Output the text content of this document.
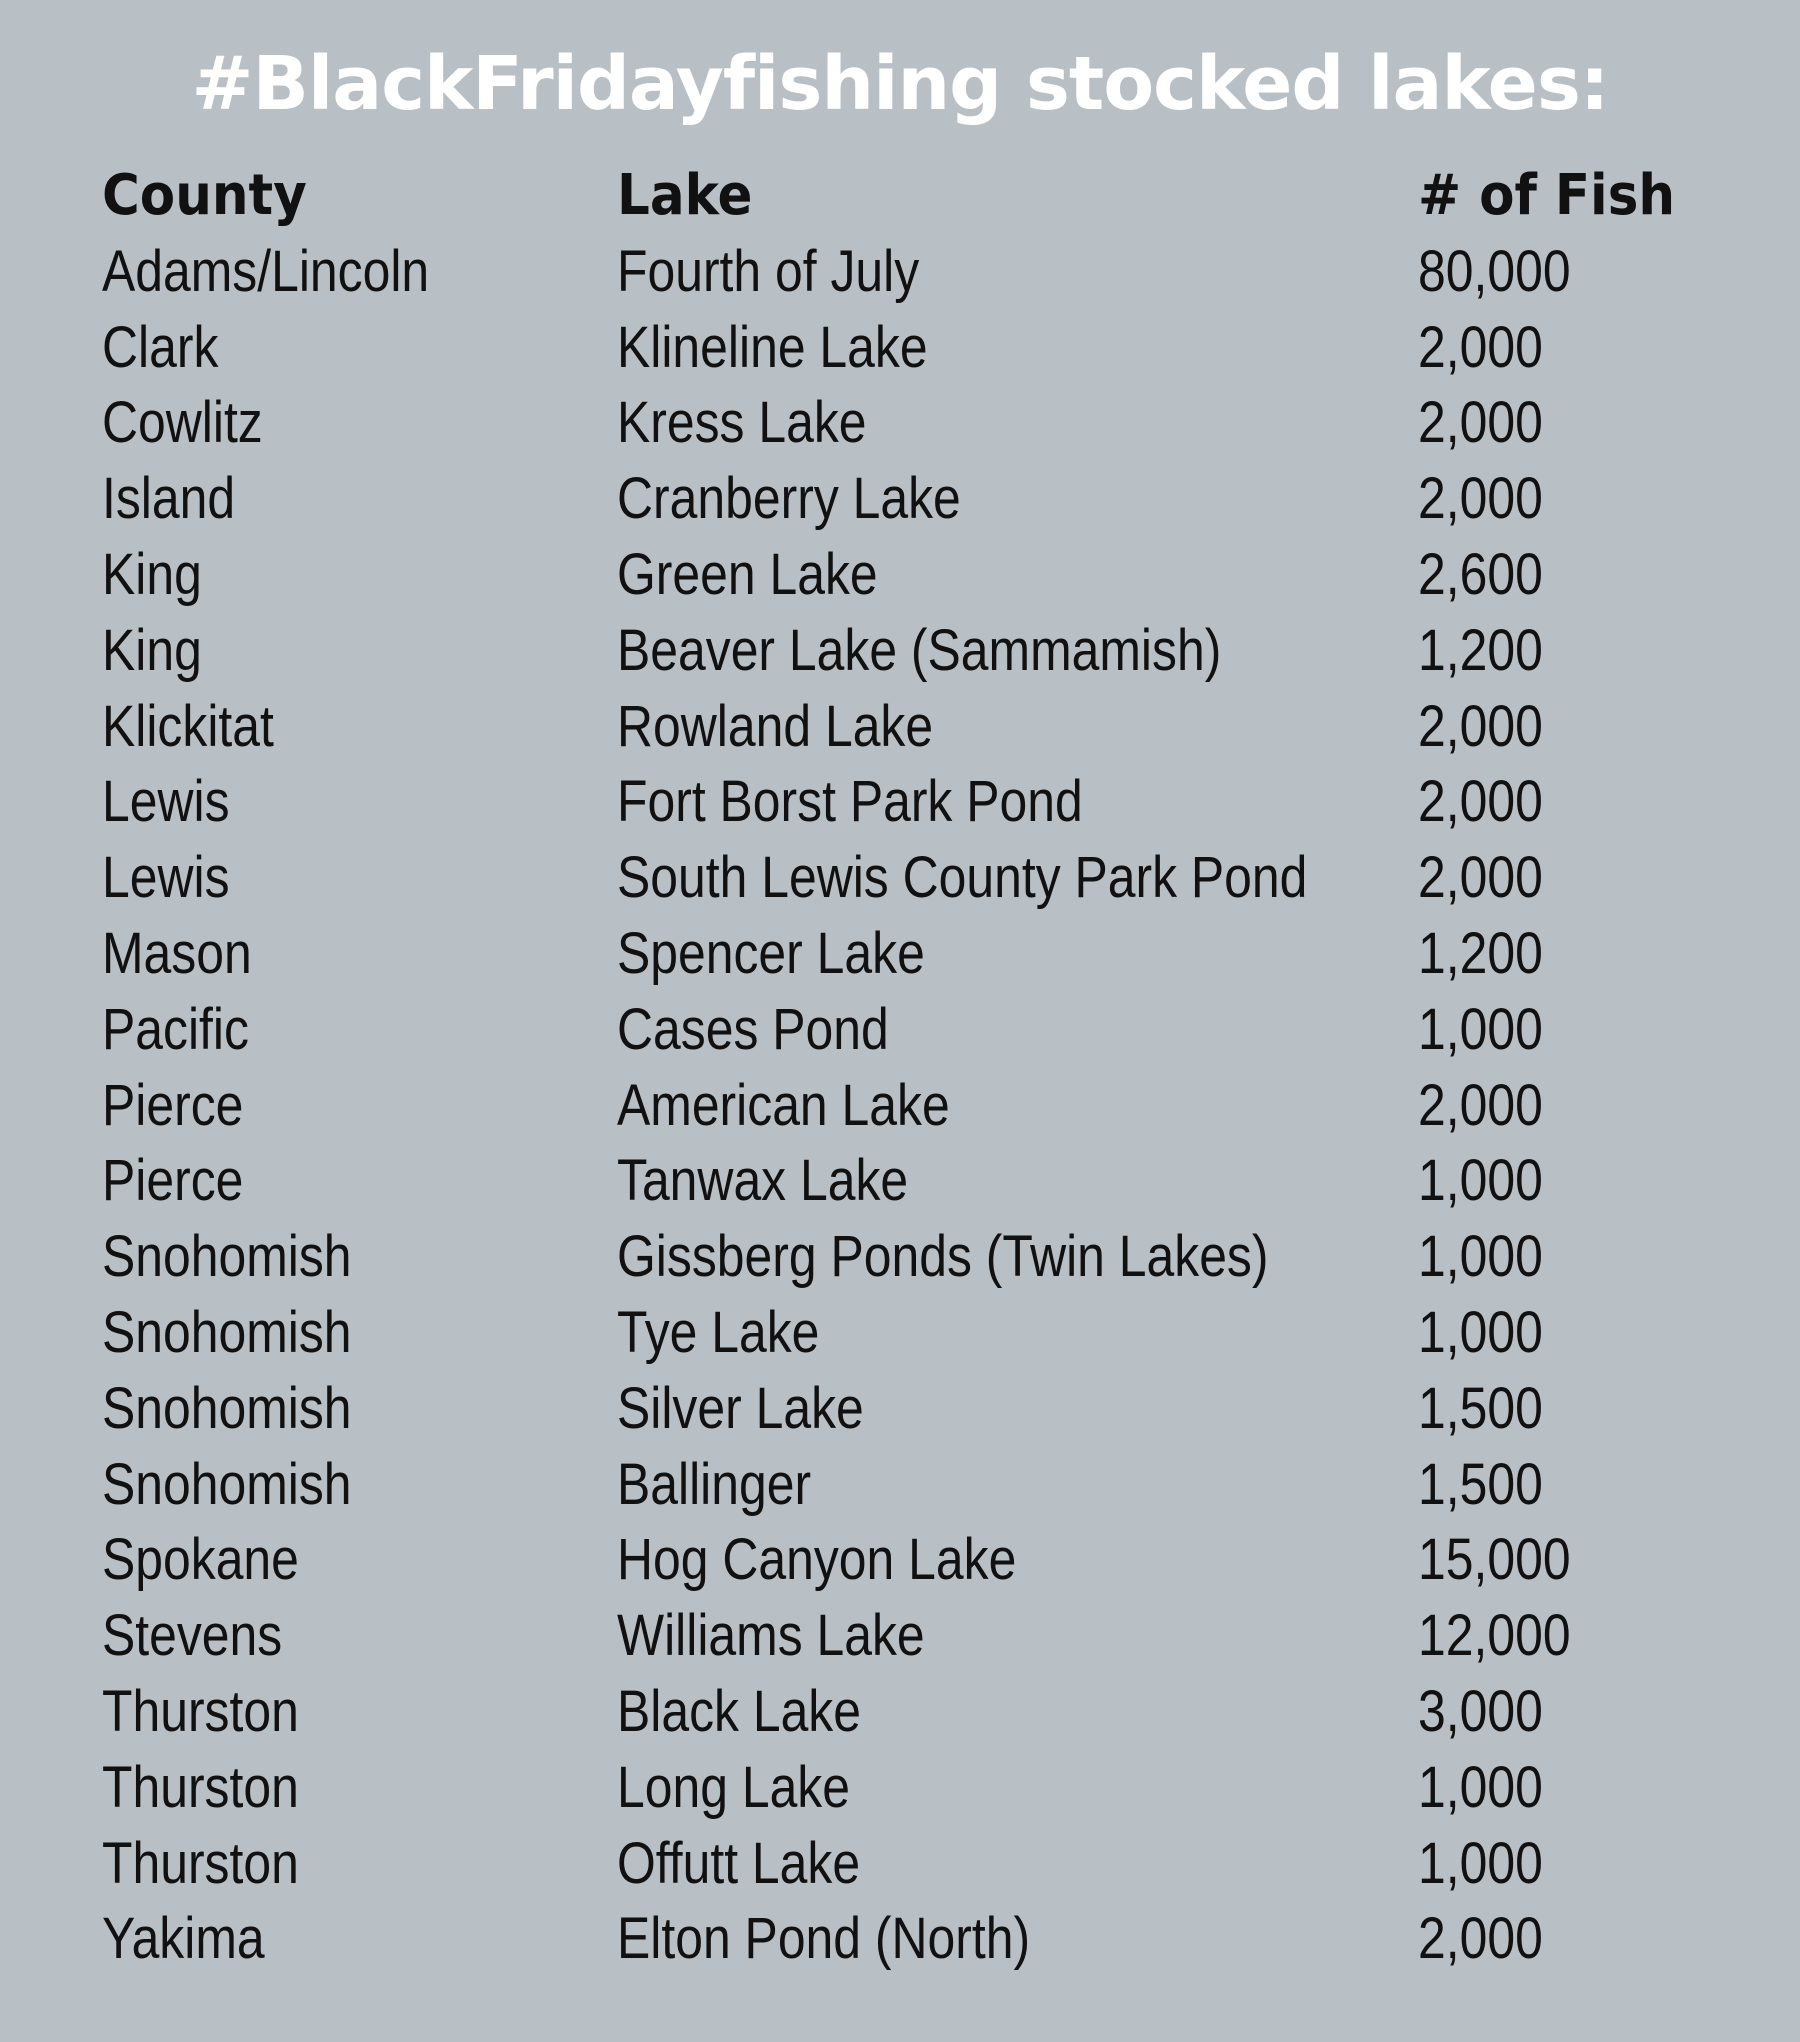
#BlackFridayfishing stocked lakes:
County	Lake	# of Fish
Adams/Lincoln	Fourth of July	80,000
Clark	Klineline Lake	2,000
Cowlitz	Kress Lake	2,000
Island	Cranberry Lake	2,000
King	Green Lake	2,600
King	Beaver Lake (Sammamish)	1,200
Klickitat	Rowland Lake	2,000
Lewis	Fort Borst Park Pond	2,000
Lewis	South Lewis County Park Pond 2,000
Mason	Spencer Lake	1,200
Pacific	Cases Pond	1,000
Pierce	American Lake	2,000
Pierce	Tanwax Lake	1,000
Snohomish	Gissberg Ponds (Twin Lakes)	1,000
Snohomish	Tye Lake	1,000
Snohomish	Silver Lake	1,500
Snohomish	Ballinger	1,500
Spokane	Hog Canyon Lake	15,000
Stevens	Williams Lake	12,000
Thurston	Black Lake	3,000
Thurston	Long Lake	1,000
Thurston	Offutt Lake	1,000
Yakima	Elton Pond (North)	2,000
